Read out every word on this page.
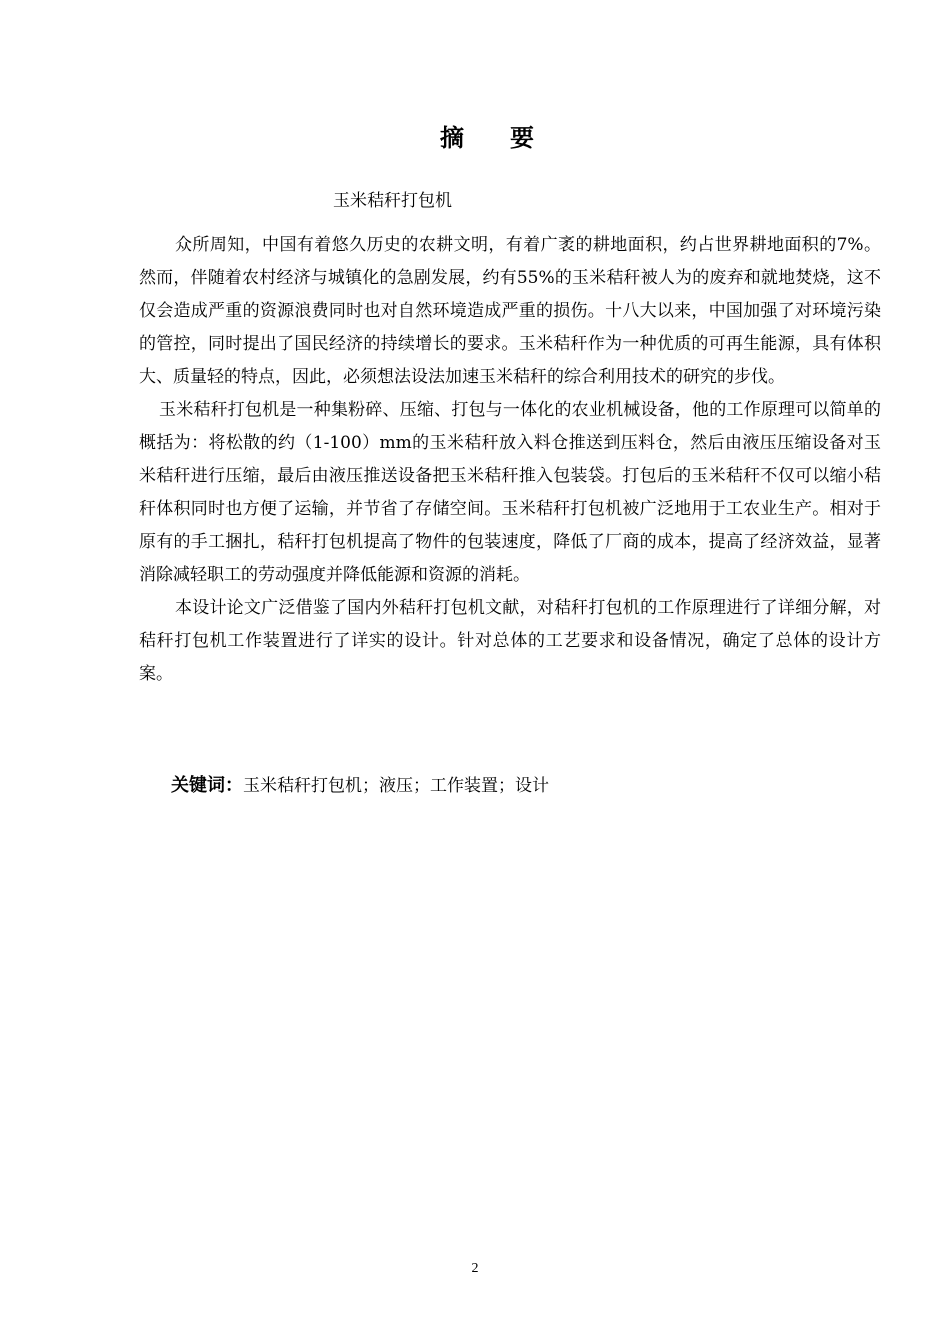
摘要
玉米秸秆打包机

众所周知，中国有着悠久历史的农耕文明，有着广袤的耕地面积，约占世界耕地面积的7%。然而，伴随着农村经济与城镇化的急剧发展，约有55%的玉米秸秆被人为的废弃和就地焚烧，这不仅会造成严重的资源浪费同时也对自然环境造成严重的损伤。十八大以来，中国加强了对环境污染的管控，同时提出了国民经济的持续增长的要求。玉米秸秆作为一种优质的可再生能源，具有体积大、质量轻的特点，因此，必须想法设法加速玉米秸秆的综合利用技术的研究的步伐。

玉米秸秆打包机是一种集粉碎、压缩、打包与一体化的农业机械设备，他的工作原理可以简单的概括为：将松散的约（1-100）mm的玉米秸秆放入料仓推送到压料仓，然后由液压压缩设备对玉米秸秆进行压缩，最后由液压推送设备把玉米秸秆推入包装袋。打包后的玉米秸秆不仅可以缩小秸秆体积同时也方便了运输，并节省了存储空间。玉米秸秆打包机被广泛地用于工农业生产。相对于原有的手工捆扎，秸秆打包机提高了物件的包装速度，降低了厂商的成本，提高了经济效益，显著消除减轻职工的劳动强度并降低能源和资源的消耗。

本设计论文广泛借鉴了国内外秸秆打包机文献，对秸秆打包机的工作原理进行了详细分解，对秸秆打包机工作装置进行了详实的设计。针对总体的工艺要求和设备情况，确定了总体的设计方案。

关键词：玉米秸秆打包机；液压；工作装置；设计
2
